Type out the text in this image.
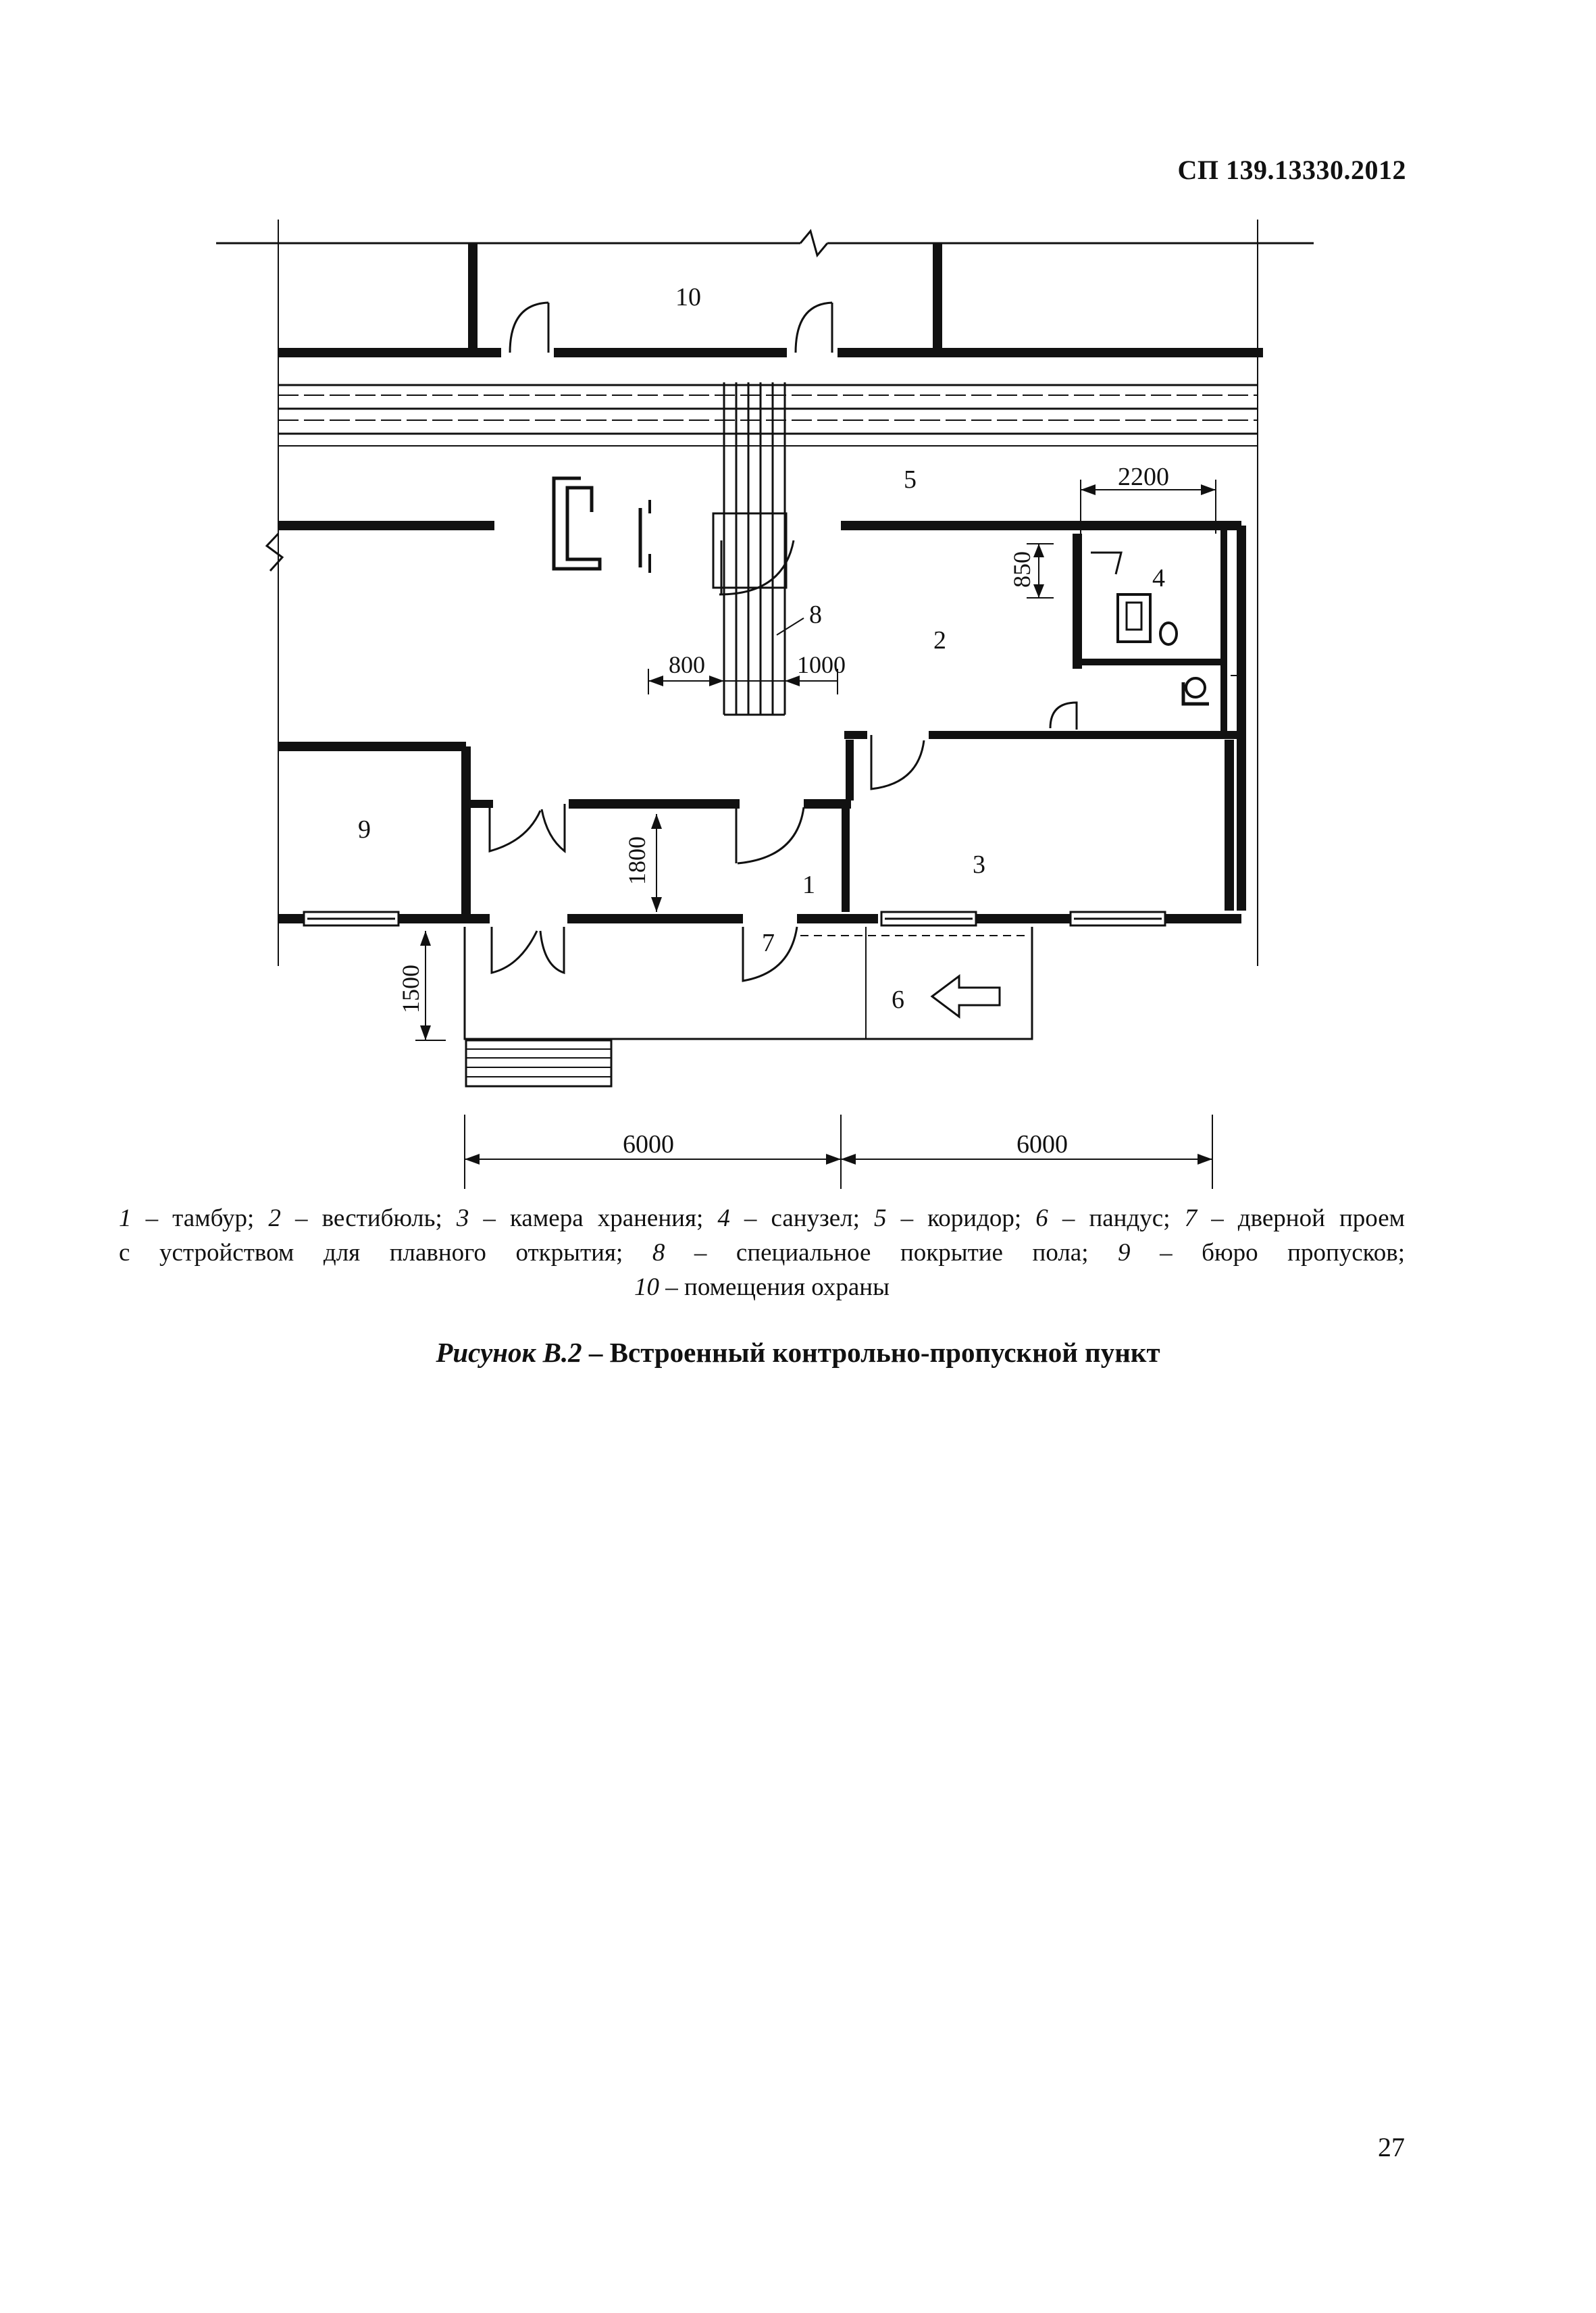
СП 139.13330.2012
10
5
4
2
8
9
3
1
7
6
2200
850
800	1000
1800
1500
6000	6000
1 – тамбур; 2 – вестибюль; 3 – камера хранения; 4 – санузел; 5 – коридор; 6 – пандус; 7 – дверной проем
с устройством для плавного открытия; 8 – специальное покрытие пола; 9 – бюро пропусков;
10 – помещения охраны
Рисунок В.2 – Встроенный контрольно-пропускной пункт
27
